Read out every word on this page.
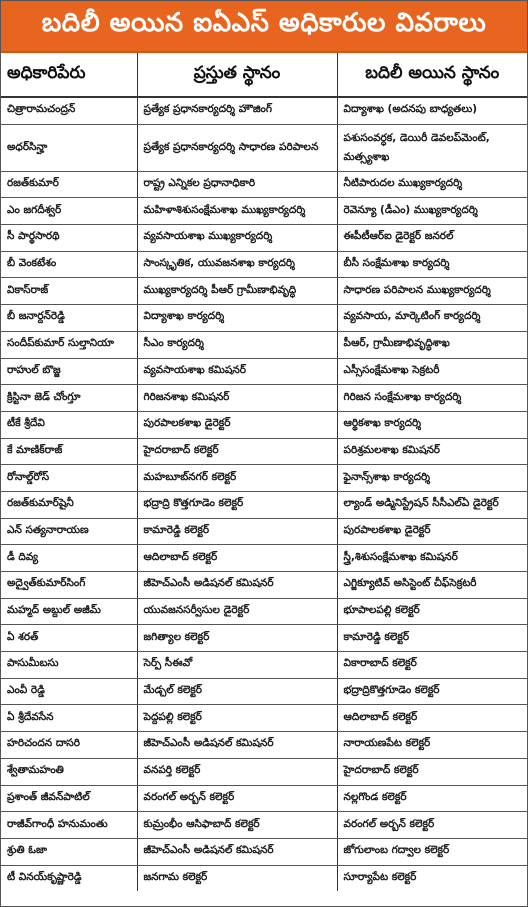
బదిలీ అయిన ఐఏఎస్ అధికారుల వివరాలు
అధికారిపేరు	ప్రస్తుత స్థానం	బదిలీ అయిన స్థానం
చిత్రారామచంద్రన్	ప్రత్యేక ప్రధానకార్యదర్శి హౌజింగ్	విద్యాశాఖ (అదనపు బాధ్యతలు)
అధర్‌సిన్హా	ప్రత్యేక ప్రధానకార్యదర్శి సాధారణ పరిపాలన	పశుసంవర్ధక, డెయిరీ డెవలప్‌మెంట్, మత్స్యశాఖ
రజత్‌కుమార్	రాష్ట్ర ఎన్నికల ప్రధానాధికారి	నీటిపారుదల ముఖ్యకార్యదర్శి
ఎం జగదీశ్వర్	మహిళాశిశుసంక్షేమశాఖ ముఖ్యకార్యదర్శి	రెవెన్యూ (డీఎం) ముఖ్యకార్యదర్శి
సీ పార్థసారథి	వ్యవసాయశాఖ ముఖ్యకార్యదర్శి	ఈపీటీఆర్ఐ డైరెక్టర్ జనరల్
బీ వెంకటేశం	సాంస్కృతిక, యువజనశాఖ కార్యదర్శి	బీసీ సంక్షేమశాఖ కార్యదర్శి
వికాస్‌రాజ్	ముఖ్యకార్యదర్శి పీఆర్ గ్రామీణాభివృద్ధి	సాధారణ పరిపాలన ముఖ్యకార్యదర్శి
బీ జనార్దన్‌రెడ్డి	విద్యాశాఖ కార్యదర్శి	వ్యవసాయ, మార్కెటింగ్ కార్యదర్శి
సందీప్‌కుమార్ సుల్తానియా	సీఎం కార్యదర్శి	పీఆర్, గ్రామీణాభివృద్ధిశాఖ
రాహుల్ బొజ్జ	వ్యవసాయశాఖ కమిషనర్	ఎస్సీసంక్షేమశాఖ సెక్రటరీ
క్రిస్టినా జెడ్ చోంగ్తూ	గిరిజనశాఖ కమిషనర్	గిరిజన సంక్షేమశాఖ కార్యదర్శి
టీకే శ్రీదేవి	పురపాలకశాఖ డైరెక్టర్	ఆర్థికశాఖ కార్యదర్శి
కే మాణిక్‌రాజ్	హైదరాబాద్ కలెక్టర్	పరిశ్రమలశాఖ కమిషనర్
రోనాల్డ్‌రోస్	మహబూబ్‌నగర్ కలెక్టర్	ఫైనాన్స్‌శాఖ కార్యదర్శి
రజత్‌కుమార్‌షైనీ	భద్రాద్రి కొత్తగూడెం కలెక్టర్	ల్యాండ్ అడ్మినిస్ట్రేషన్ సీసీఎల్ఏ డైరెక్టర్
ఎన్ సత్యనారాయణ	కామారెడ్డి కలెక్టర్	పురపాలకశాఖ డైరెక్టర్
డీ దివ్య	ఆదిలాబాద్ కలెక్టర్	స్త్రీ,శిశుసంక్షేమశాఖ కమిషనర్
అద్వైత్‌కుమార్‌సింగ్	జీహెచ్ఎంసీ అడిషనల్ కమిషనర్	ఎగ్జిక్యూటివ్ అసిస్టెంట్ చీఫ్‌సెక్రటరీ
మహ్మద్ అబ్దుల్ అజీమ్	యువజనసర్వీసుల డైరెక్టర్	భూపాలపల్లి కలెక్టర్
ఏ శరత్	జగిత్యాల కలెక్టర్	కామారెడ్డి కలెక్టర్
పాసుమీబసు	సెర్ప్ సీఈవో	వికారాబాద్ కలెక్టర్
ఎంవీ రెడ్డి	మేడ్చల్ కలెక్టర్	భద్రాద్రికొత్తగూడెం కలెక్టర్
ఏ శ్రీదేవసేన	పెద్దపల్లి కలెక్టర్	ఆదిలాబాద్ కలెక్టర్
హరిచందన దాసరి	జీహెచ్ఎంసీ అడిషనల్ కమిషనర్	నారాయణపేట కలెక్టర్
శ్వేతామహంతి	వనపర్తి కలెక్టర్	హైదరాబాద్ కలెక్టర్
ప్రశాంత్ జీవన్‌పాటిల్	వరంగల్ అర్బన్ కలెక్టర్	నల్లగొండ కలెక్టర్
రాజీవ్‌గాంధీ హనుమంతు	కుమ్రంభీం ఆసిఫాబాద్ కలెక్టర్	వరంగల్ అర్బన్ కలెక్టర్
శ్రుతి ఓజా	జీహెచ్ఎంసీ అడిషనల్ కమిషనర్	జోగులాంబ గద్వాల కలెక్టర్
టీ వినయ్‌కృష్ణారెడ్డి	జనగామ కలెక్టర్	సూర్యాపేట కలెక్టర్
